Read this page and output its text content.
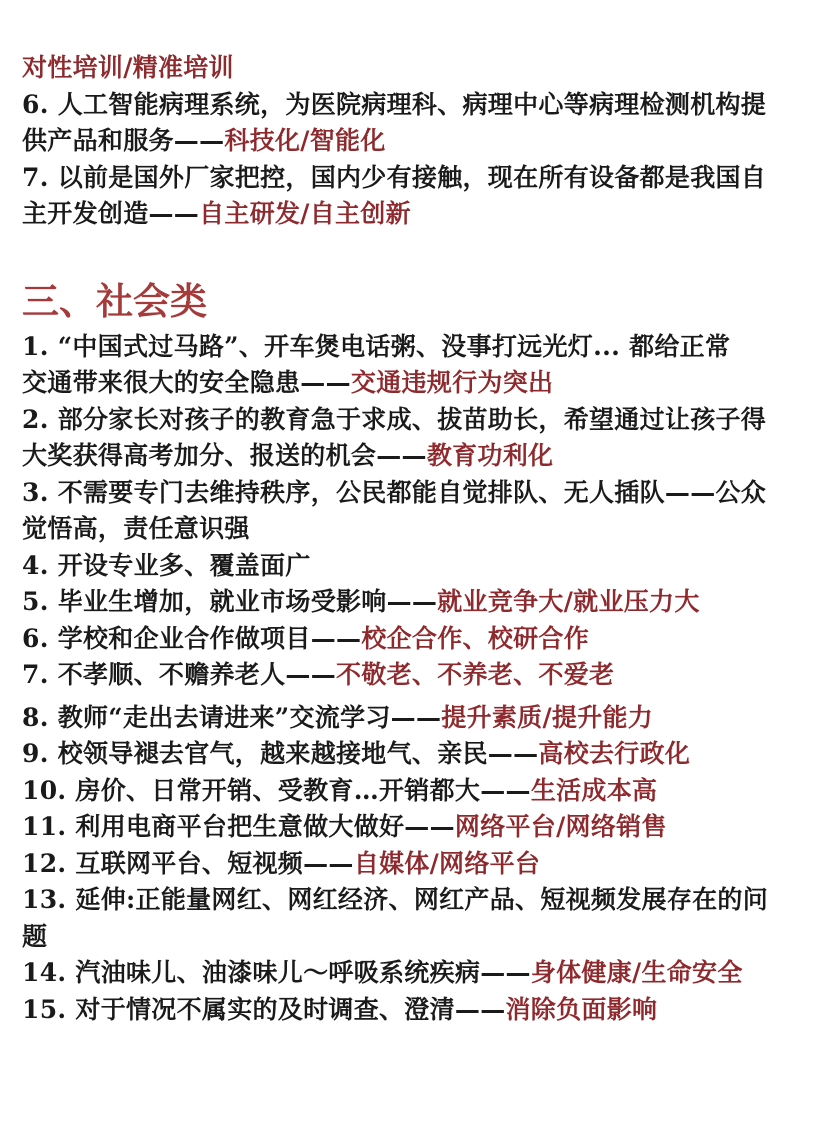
对性培训/精准培训
6. 人工智能病理系统，为医院病理科、病理中心等病理检测机构提
供产品和服务——科技化/智能化
7. 以前是国外厂家把控，国内少有接触，现在所有设备都是我国自
主开发创造——自主研发/自主创新
三、社会类
1. “中国式过马路”、开车煲电话粥、没事打远光灯... 都给正常
交通带来很大的安全隐患——交通违规行为突出
2. 部分家长对孩子的教育急于求成、拔苗助长，希望通过让孩子得
大奖获得高考加分、报送的机会——教育功利化
3. 不需要专门去维持秩序，公民都能自觉排队、无人插队——公众
觉悟高，责任意识强
4. 开设专业多、覆盖面广
5. 毕业生增加，就业市场受影响——就业竞争大/就业压力大
6. 学校和企业合作做项目——校企合作、校研合作
7. 不孝顺、不赡养老人——不敬老、不养老、不爱老
8. 教师“走出去请进来”交流学习——提升素质/提升能力
9. 校领导褪去官气，越来越接地气、亲民——高校去行政化
10. 房价、日常开销、受教育…开销都大——生活成本高
11. 利用电商平台把生意做大做好——网络平台/网络销售
12. 互联网平台、短视频——自媒体/网络平台
13. 延伸:正能量网红、网红经济、网红产品、短视频发展存在的问
题
14. 汽油味儿、油漆味儿～呼吸系统疾病——身体健康/生命安全
15. 对于情况不属实的及时调查、澄清——消除负面影响
